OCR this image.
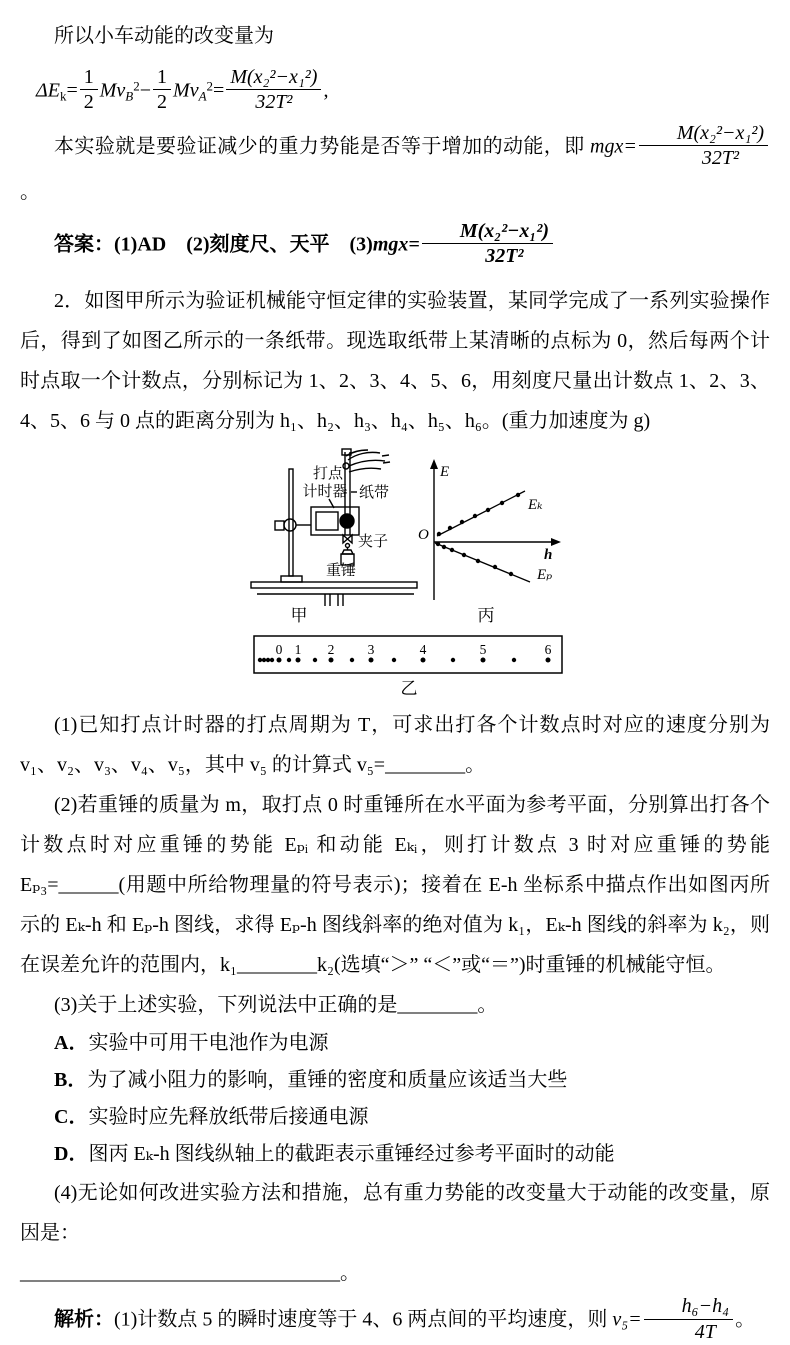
所以小车动能的改变量为

$\Delta E_k= \frac{1}{2} Mv_B^2- \frac{1}{2} Mv_A^2= \frac{\text{M(x₂²−x₁²)}}{\text{32T²}}$ ,

本实验就是要验证减少的重力势能是否等于增加的动能，即 $mgx= \frac{\text{M(x₂²−x₁²)}}{\text{32T²}}$
。

答案：(1)AD　(2)刻度尺、天平　$(3)mgx= \frac{\text{M(x₂²−x₁²)}}{\text{32T²}}$

2．如图甲所示为验证机械能守恒定律的实验装置，某同学完成了一系列实验操作后，得到了如图乙所示的一条纸带。现选取纸带上某清晰的点标为 0，然后每两个计时点取一个计数点，分别标记为 1、2、3、4、5、6，用刻度尺量出计数点 1、2、3、4、5、6 与 0 点的距离分别为 h₁、h₂、h₃、h₄、h₅、h₆。(重力加速度为 g)

打点
计时器 纸带
夹子
重锤
甲
Eₖ
Eₚ
E
h
O
丙
0 1 2 3	4	5	6
乙

(1)已知打点计时器的打点周期为 T，可求出打各个计数点时对应的速度分别为 v₁、v₂、v₃、v₄、v₅，其中 v₅ 的计算式 v₅=________。

(2)若重锤的质量为 m，取打点 0 时重锤所在水平面为参考平面，分别算出打各个计数点时对应重锤的势能 Eₚᵢ 和动能 Eₖᵢ，则打计数点 3 时对应重锤的势能 Eₚ₃=______(用题中所给物理量的符号表示)；接着在 E-h 坐标系中描点作出如图丙所示的 Eₖ-h 和 Eₚ-h 图线，求得 Eₚ-h 图线斜率的绝对值为 k₁，Eₖ-h 图线的斜率为 k₂，则在误差允许的范围内，k₁________k₂(选填“＞” “＜”或“＝”)时重锤的机械能守恒。

(3)关于上述实验，下列说法中正确的是________。

A．实验中可用干电池作为电源

B．为了减小阻力的影响，重锤的密度和质量应该适当大些

C．实验时应先释放纸带后接通电源

D．图丙 Eₖ-h 图线纵轴上的截距表示重锤经过参考平面时的动能

(4)无论如何改进实验方法和措施，总有重力势能的改变量大于动能的改变量，原因是：

________________________________。

解析：(1)计数点 5 的瞬时速度等于 4、6 两点间的平均速度，则 $v_5= \frac{\text{h₆−h₄}}{4T}$ 。
